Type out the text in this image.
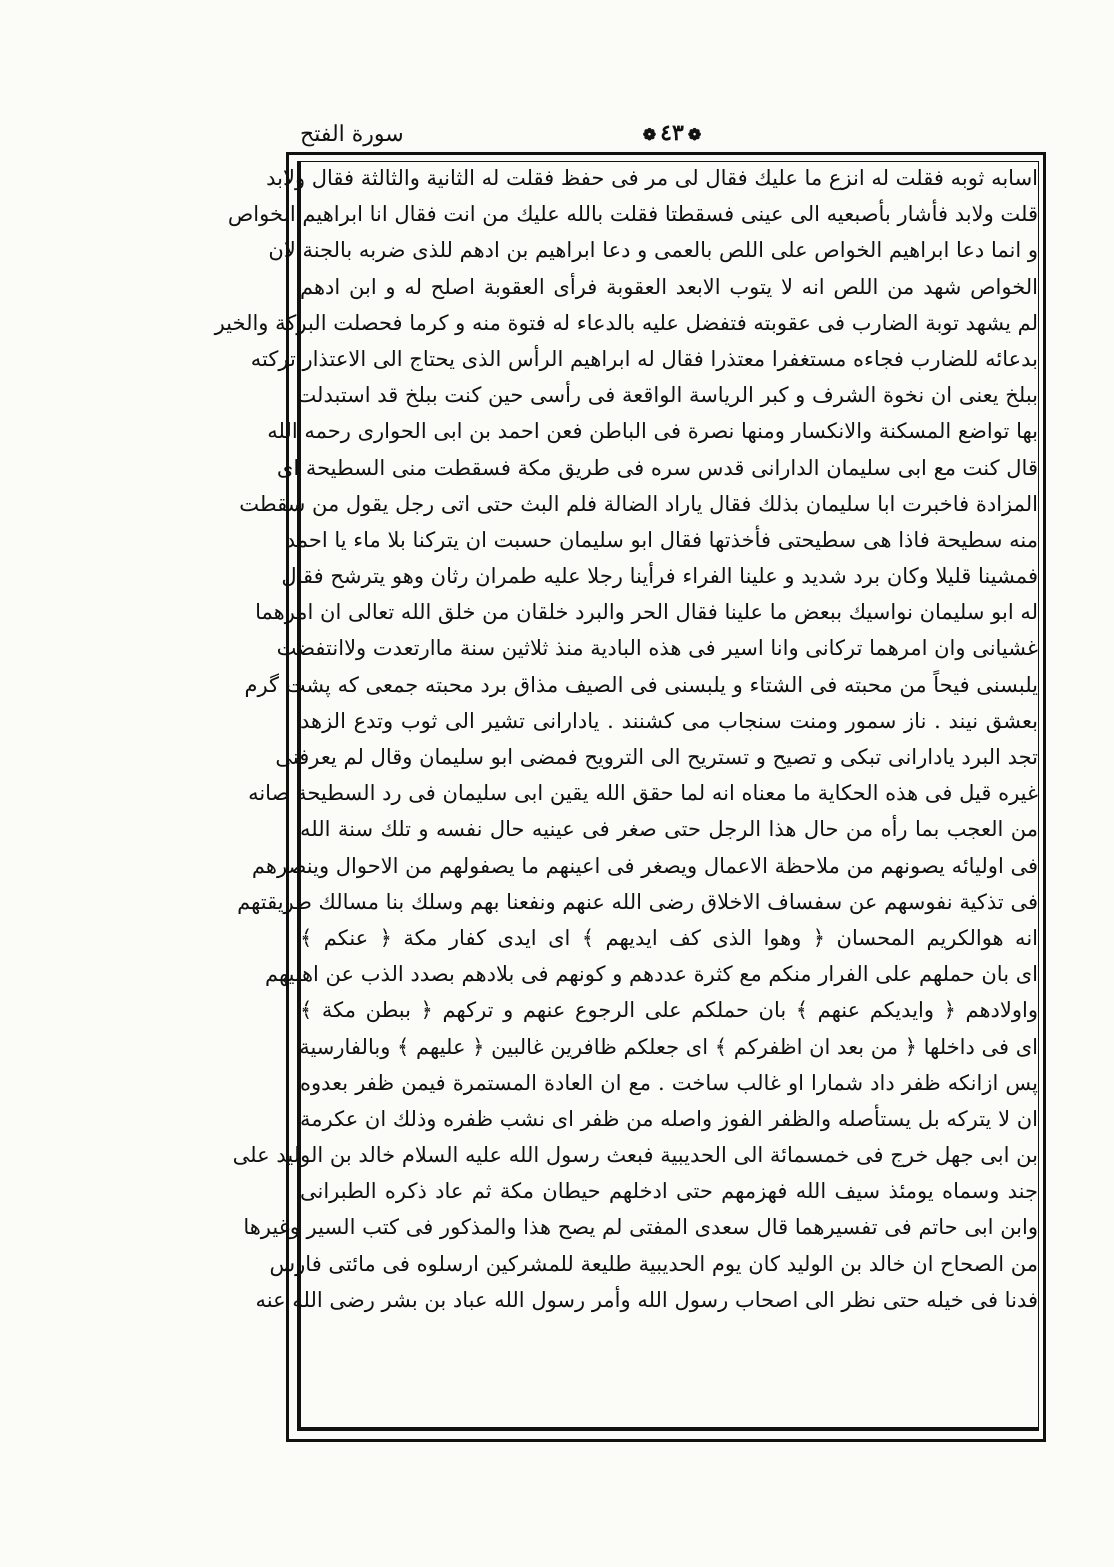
سورة الفتح	❁٤٣❁
اسابه ثوبه فقلت له انزع ما عليك فقال لى مر فى حفظ فقلت له الثانية والثالثة فقال ولابد
قلت ولابد فأشار بأصبعيه الى عينى فسقطتا فقلت بالله عليك من انت فقال انا ابراهيم الخواص
و انما دعا ابراهيم الخواص على اللص بالعمى و دعا ابراهيم بن ادهم للذى ضربه بالجنة لان
الخواص شهد من اللص انه لا يتوب الابعد العقوبة فرأى العقوبة اصلح له و ابن ادهم
لم يشهد توبة الضارب فى عقوبته فتفضل عليه بالدعاء له فتوة منه و كرما فحصلت البركة والخير
بدعائه للضارب فجاءه مستغفرا معتذرا فقال له ابراهيم الرأس الذى يحتاج الى الاعتذار تركته
ببلخ يعنى ان نخوة الشرف و كبر الرياسة الواقعة فى رأسى حين كنت ببلخ قد استبدلت
بها تواضع المسكنة والانكسار ومنها نصرة فى الباطن فعن احمد بن ابى الحوارى رحمه الله
قال كنت مع ابى سليمان الدارانى قدس سره فى طريق مكة فسقطت منى السطيحة اى
المزادة فاخبرت ابا سليمان بذلك فقال ياراد الضالة فلم البث حتى اتى رجل يقول من سقطت
منه سطيحة فاذا هى سطيحتى فأخذتها فقال ابو سليمان حسبت ان يتركنا بلا ماء يا احمد
فمشينا قليلا وكان برد شديد و علينا الفراء فرأينا رجلا عليه طمران رثان وهو يترشح فقال
له ابو سليمان نواسيك ببعض ما علينا فقال الحر والبرد خلقان من خلق الله تعالى ان امرهما
غشيانى وان امرهما تركانى وانا اسير فى هذه البادية منذ ثلاثين سنة ماارتعدت ولاانتفضت
يلبسنى فيحاً من محبته فى الشتاء و يلبسنى فى الصيف مذاق برد محبته جمعى كه پشت گرم
بعشق نيند . ناز سمور ومنت سنجاب مى كشنند . يادارانى تشير الى ثوب وتدع الزهد
تجد البرد يادارانى تبكى و تصيح و تستريح الى الترويح فمضى ابو سليمان وقال لم يعرفنى
غيره قيل فى هذه الحكاية ما معناه انه لما حقق الله يقين ابى سليمان فى رد السطيحة صانه
من العجب بما رأه من حال هذا الرجل حتى صغر فى عينيه حال نفسه و تلك سنة الله
فى اوليائه يصونهم من ملاحظة الاعمال ويصغر فى اعينهم ما يصفولهم من الاحوال وينصرهم
فى تذكية نفوسهم عن سفساف الاخلاق رضى الله عنهم ونفعنا بهم وسلك بنا مسالك طريقتهم
انه هوالكريم المحسان ﴿ وهوا الذى كف ايديهم ﴾ اى ايدى كفار مكة ﴿ عنكم ﴾
اى بان حملهم على الفرار منكم مع كثرة عددهم و كونهم فى بلادهم بصدد الذب عن اهليهم
واولادهم ﴿ وايديكم عنهم ﴾ بان حملكم على الرجوع عنهم و تركهم ﴿ ببطن مكة ﴾
اى فى داخلها ﴿ من بعد ان اظفركم ﴾ اى جعلكم ظافرين غالبين ﴿ عليهم ﴾ وبالفارسية
پس ازانكه ظفر داد شمارا او غالب ساخت . مع ان العادة المستمرة فيمن ظفر بعدوه
ان لا يتركه بل يستأصله والظفر الفوز واصله من ظفر اى نشب ظفره وذلك ان عكرمة
بن ابى جهل خرج فى خمسمائة الى الحديبية فبعث رسول الله عليه السلام خالد بن الوليد على
جند وسماه يومئذ سيف الله فهزمهم حتى ادخلهم حيطان مكة ثم عاد ذكره الطبرانى
وابن ابى حاتم فى تفسيرهما قال سعدى المفتى لم يصح هذا والمذكور فى كتب السير وغيرها
من الصحاح ان خالد بن الوليد كان يوم الحديبية طليعة للمشركين ارسلوه فى مائتى فارس
فدنا فى خيله حتى نظر الى اصحاب رسول الله وأمر رسول الله عباد بن بشر رضى الله عنه
